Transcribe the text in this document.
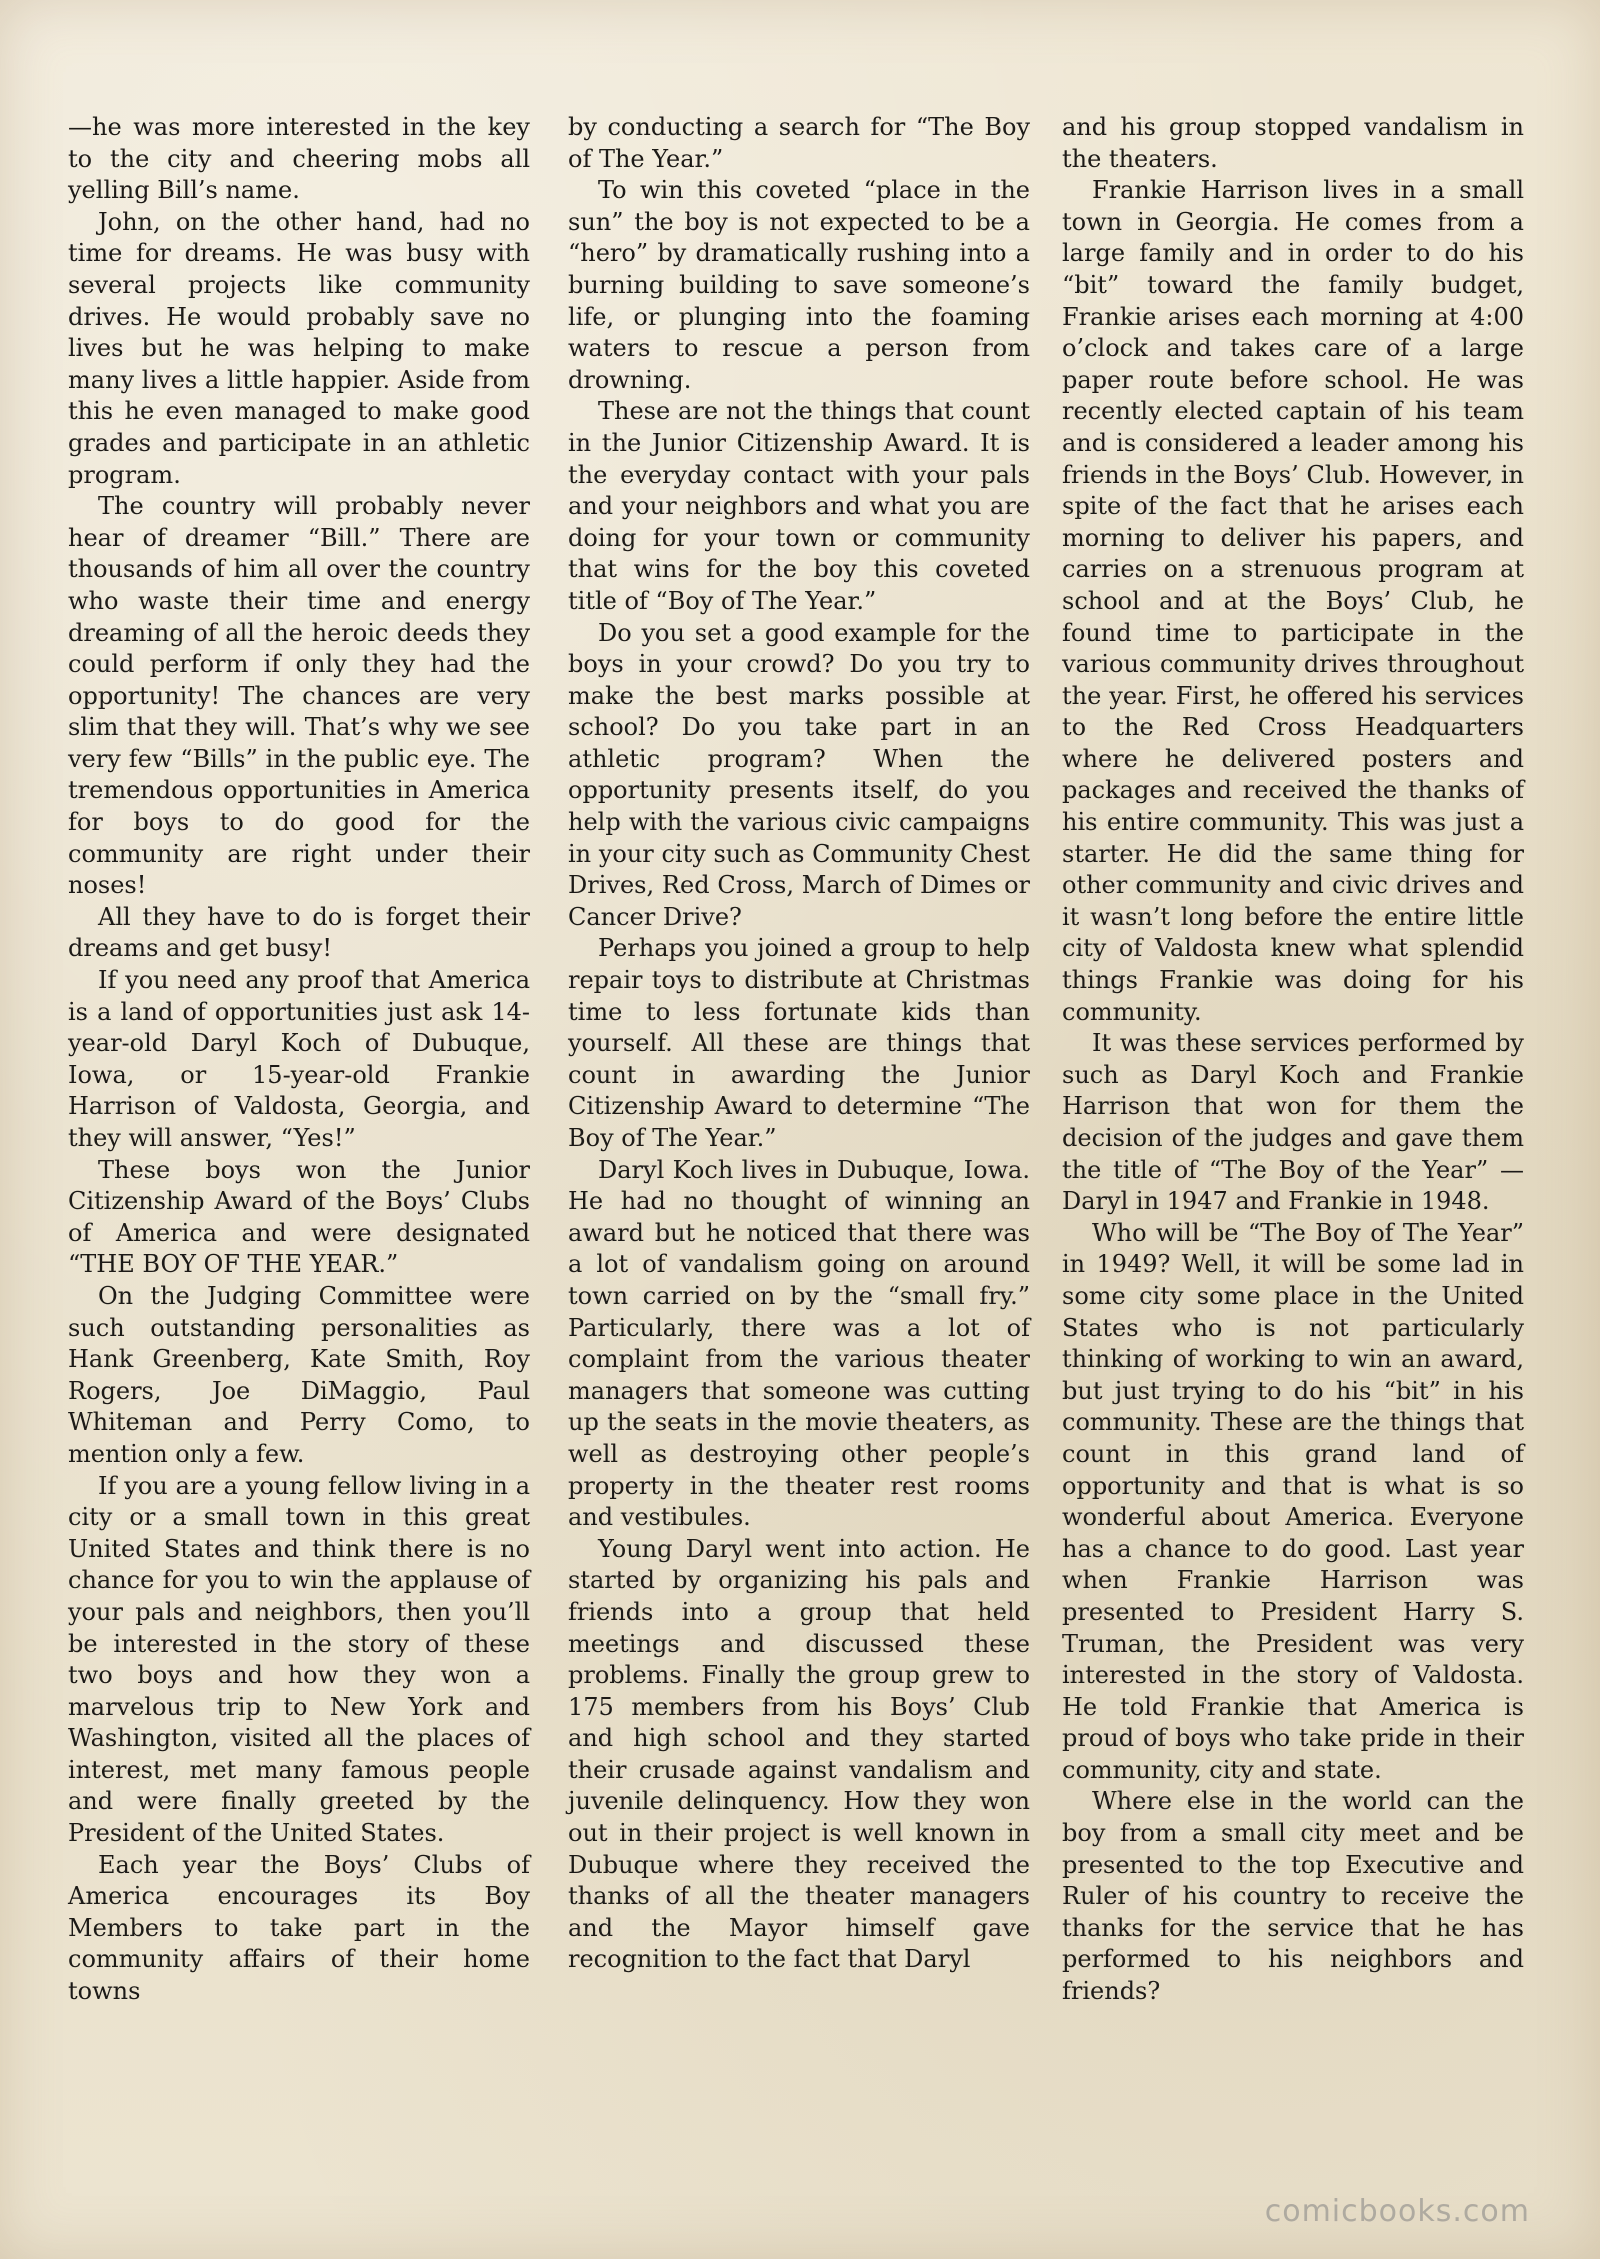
—he was more interested in the key to the city and cheering mobs all yelling Bill’s name.

John, on the other hand, had no time for dreams. He was busy with several projects like community drives. He would probably save no lives but he was helping to make many lives a little happier. Aside from this he even managed to make good grades and participate in an athletic program.

The country will probably never hear of dreamer “Bill.” There are thousands of him all over the country who waste their time and energy dreaming of all the heroic deeds they could perform if only they had the opportunity! The chances are very slim that they will. That’s why we see very few “Bills” in the public eye. The tremendous opportunities in America for boys to do good for the community are right under their noses!

All they have to do is forget their dreams and get busy!

If you need any proof that America is a land of opportunities just ask 14-year-old Daryl Koch of Dubuque, Iowa, or 15-year-old Frankie Harrison of Valdosta, Georgia, and they will answer, “Yes!”

These boys won the Junior Citizenship Award of the Boys’ Clubs of America and were designated “THE BOY OF THE YEAR.”

On the Judging Committee were such outstanding personalities as Hank Greenberg, Kate Smith, Roy Rogers, Joe DiMaggio, Paul Whiteman and Perry Como, to mention only a few.

If you are a young fellow living in a city or a small town in this great United States and think there is no chance for you to win the applause of your pals and neighbors, then you’ll be interested in the story of these two boys and how they won a marvelous trip to New York and Washington, visited all the places of interest, met many famous people and were finally greeted by the President of the United States.

Each year the Boys’ Clubs of America encourages its Boy Members to take part in the community affairs of their home towns

by conducting a search for “The Boy of The Year.”

To win this coveted “place in the sun” the boy is not expected to be a “hero” by dramatically rushing into a burning building to save someone’s life, or plunging into the foaming waters to rescue a person from drowning.

These are not the things that count in the Junior Citizenship Award. It is the everyday contact with your pals and your neighbors and what you are doing for your town or community that wins for the boy this coveted title of “Boy of The Year.”

Do you set a good example for the boys in your crowd? Do you try to make the best marks possible at school? Do you take part in an athletic program? When the opportunity presents itself, do you help with the various civic campaigns in your city such as Community Chest Drives, Red Cross, March of Dimes or Cancer Drive?

Perhaps you joined a group to help repair toys to distribute at Christmas time to less fortunate kids than yourself. All these are things that count in awarding the Junior Citizenship Award to determine “The Boy of The Year.”

Daryl Koch lives in Dubuque, Iowa. He had no thought of winning an award but he noticed that there was a lot of vandalism going on around town carried on by the “small fry.” Particularly, there was a lot of complaint from the various theater managers that someone was cutting up the seats in the movie theaters, as well as destroying other people’s property in the theater rest rooms and vestibules.

Young Daryl went into action. He started by organizing his pals and friends into a group that held meetings and discussed these problems. Finally the group grew to 175 members from his Boys’ Club and high school and they started their crusade against vandalism and juvenile delinquency. How they won out in their project is well known in Dubuque where they received the thanks of all the theater managers and the Mayor himself gave recognition to the fact that Daryl

and his group stopped vandalism in the theaters.

Frankie Harrison lives in a small town in Georgia. He comes from a large family and in order to do his “bit” toward the family budget, Frankie arises each morning at 4:00 o’clock and takes care of a large paper route before school. He was recently elected captain of his team and is considered a leader among his friends in the Boys’ Club. However, in spite of the fact that he arises each morning to deliver his papers, and carries on a strenuous program at school and at the Boys’ Club, he found time to participate in the various community drives throughout the year. First, he offered his services to the Red Cross Headquarters where he delivered posters and packages and received the thanks of his entire community. This was just a starter. He did the same thing for other community and civic drives and it wasn’t long before the entire little city of Valdosta knew what splendid things Frankie was doing for his community.

It was these services performed by such as Daryl Koch and Frankie Harrison that won for them the decision of the judges and gave them the title of “The Boy of the Year” — Daryl in 1947 and Frankie in 1948.

Who will be “The Boy of The Year” in 1949? Well, it will be some lad in some city some place in the United States who is not particularly thinking of working to win an award, but just trying to do his “bit” in his community. These are the things that count in this grand land of opportunity and that is what is so wonderful about America. Everyone has a chance to do good. Last year when Frankie Harrison was presented to President Harry S. Truman, the President was very interested in the story of Valdosta. He told Frankie that America is proud of boys who take pride in their community, city and state.

Where else in the world can the boy from a small city meet and be presented to the top Executive and Ruler of his country to receive the thanks for the service that he has performed to his neighbors and friends?

comicbooks.com
